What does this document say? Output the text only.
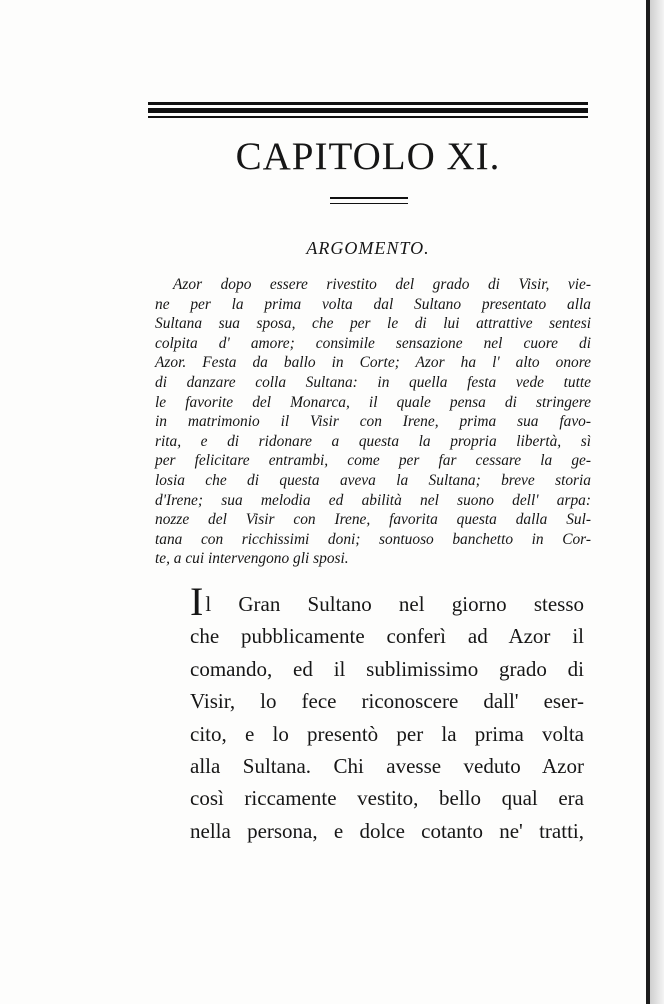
CAPITOLO XI.
ARGOMENTO.
Azor dopo essere rivestito del grado di Visir, vie-
ne per la prima volta dal Sultano presentato alla
Sultana sua sposa, che per le di lui attrattive sentesi
colpita d' amore; consimile sensazione nel cuore di
Azor. Festa da ballo in Corte; Azor ha l' alto onore
di danzare colla Sultana: in quella festa vede tutte
le favorite del Monarca, il quale pensa di stringere
in matrimonio il Visir con Irene, prima sua favo-
rita, e di ridonare a questa la propria libertà, sì
per felicitare entrambi, come per far cessare la ge-
losia che di questa aveva la Sultana; breve storia
d'Irene; sua melodia ed abilità nel suono dell' arpa:
nozze del Visir con Irene, favorita questa dalla Sul-
tana con ricchissimi doni; sontuoso banchetto in Cor-
te, a cui intervengono gli sposi.
Il Gran Sultano nel giorno stesso
che pubblicamente conferì ad Azor il
comando, ed il sublimissimo grado di
Visir, lo fece riconoscere dall' eser-
cito, e lo presentò per la prima volta
alla Sultana. Chi avesse veduto Azor
così riccamente vestito, bello qual era
nella persona, e dolce cotanto ne' tratti,
